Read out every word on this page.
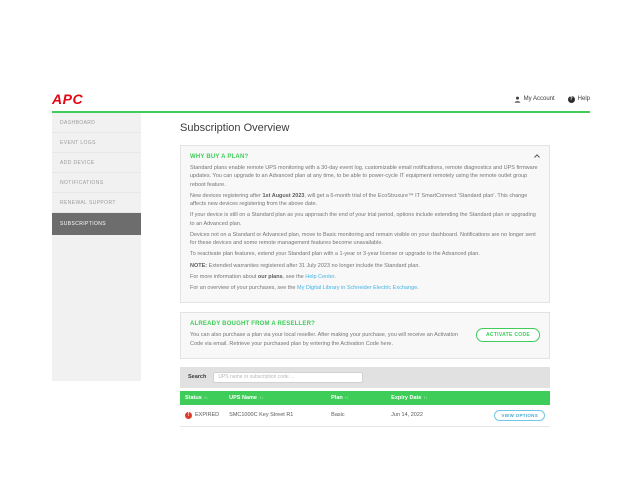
APC	My Account	? Help
DASHBOARD
EVENT LOGS
ADD DEVICE
NOTIFICATIONS
RENEWAL SUPPORT
SUBSCRIPTIONS
Subscription Overview
WHY BUY A PLAN?

Standard plans enable remote UPS monitoring with a 30-day event log, customizable email notifications, remote diagnostics and UPS firmware updates. You can upgrade to an Advanced plan at any time, to be able to power-cycle IT equipment remotely using the remote outlet group reboot feature.

New devices registering after 1st August 2023, will get a 6-month trial of the EcoStruxure™ IT SmartConnect 'Standard plan'. This change affects new devices registering from the above date.

If your device is still on a Standard plan as you approach the end of your trial period, options include extending the Standard plan or upgrading to an Advanced plan.

Devices not on a Standard or Advanced plan, move to Basic monitoring and remain visible on your dashboard. Notifications are no longer sent for these devices and some remote management features become unavailable.

To reactivate plan features, extend your Standard plan with a 1-year or 3-year license or upgrade to the Advanced plan.

NOTE: Extended warranties registered after 31 July 2023 no longer include the Standard plan.

For more information about our plans, see the Help Center.

For an overview of your purchases, see the My Digital Library in Schneider Electric Exchange.

ALREADY BOUGHT FROM A RESELLER?

You can also purchase a plan via your local reseller. After making your purchase, you will receive an Activation Code via email. Retrieve your purchased plan by entering the Activation Code here.

ACTIVATE CODE
Search
UPS name or subscription code ...
Status ↑↓	UPS Name ↑↓	Plan ↑↓	Expiry Date ↑↓	

! EXPIRED	SMC1000C Key Street R1	Basic	Jun 14, 2022	VIEW OPTIONS
